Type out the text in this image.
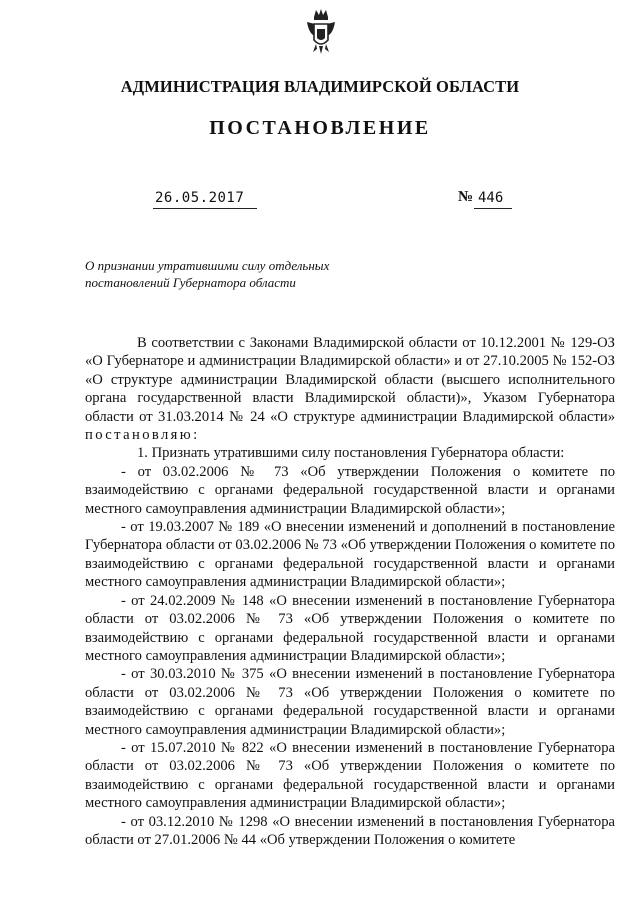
АДМИНИСТРАЦИЯ ВЛАДИМИРСКОЙ ОБЛАСТИ
ПОСТАНОВЛЕНИЕ
26.05.2017	№ 446
О признании утратившими силу отдельных
постановлений Губернатора области
В соответствии с Законами Владимирской области от 10.12.2001 № 129-ОЗ «О Губернаторе и администрации Владимирской области» и от 27.10.2005 № 152-ОЗ «О структуре администрации Владимирской области (высшего исполнительного органа государственной власти Владимирской области)», Указом Губернатора области от 31.03.2014 № 24 «О структуре администрации Владимирской области» постановляю:
1. Признать утратившими силу постановления Губернатора области:
- от 03.02.2006 № 73 «Об утверждении Положения о комитете по взаимодействию с органами федеральной государственной власти и органами местного самоуправления администрации Владимирской области»;
- от 19.03.2007 № 189 «О внесении изменений и дополнений в постановление Губернатора области от 03.02.2006 № 73 «Об утверждении Положения о комитете по взаимодействию с органами федеральной государственной власти и органами местного самоуправления администрации Владимирской области»;
- от 24.02.2009 № 148 «О внесении изменений в постановление Губернатора области от 03.02.2006 № 73 «Об утверждении Положения о комитете по взаимодействию с органами федеральной государственной власти и органами местного самоуправления администрации Владимирской области»;
- от 30.03.2010 № 375 «О внесении изменений в постановление Губернатора области от 03.02.2006 № 73 «Об утверждении Положения о комитете по взаимодействию с органами федеральной государственной власти и органами местного самоуправления администрации Владимирской области»;
- от 15.07.2010 № 822 «О внесении изменений в постановление Губернатора области от 03.02.2006 № 73 «Об утверждении Положения о комитете по взаимодействию с органами федеральной государственной власти и органами местного самоуправления администрации Владимирской области»;
- от 03.12.2010 № 1298 «О внесении изменений в постановления Губернатора области от 27.01.2006 № 44 «Об утверждении Положения о комитете
